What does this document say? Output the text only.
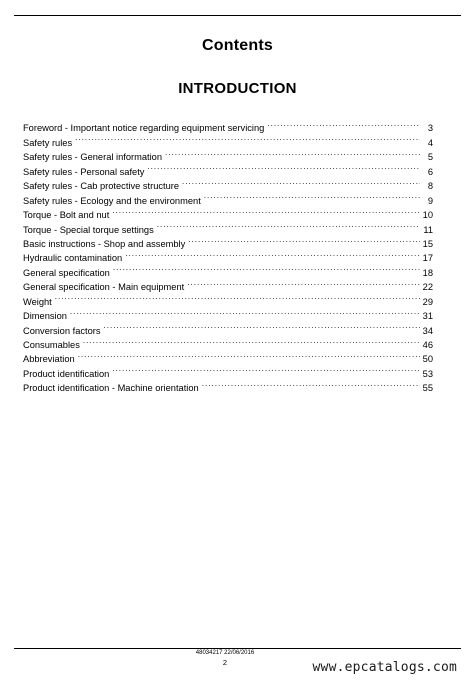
Contents
INTRODUCTION
Foreword - Important notice regarding equipment servicing . . .	3
Safety rules . . .	4
Safety rules - General information . . .	5
Safety rules - Personal safety . . .	6
Safety rules - Cab protective structure . . .	8
Safety rules - Ecology and the environment . . .	9
Torque - Bolt and nut . . .	10
Torque - Special torque settings . . .	11
Basic instructions - Shop and assembly . . .	15
Hydraulic contamination . . .	17
General specification . . .	18
General specification - Main equipment . . .	22
Weight . . .	29
Dimension . . .	31
Conversion factors . . .	34
Consumables . . .	46
Abbreviation . . .	50
Product identification . . .	53
Product identification - Machine orientation . . .	55
48034217 22/06/2016
2	www.epcatalogs.com
